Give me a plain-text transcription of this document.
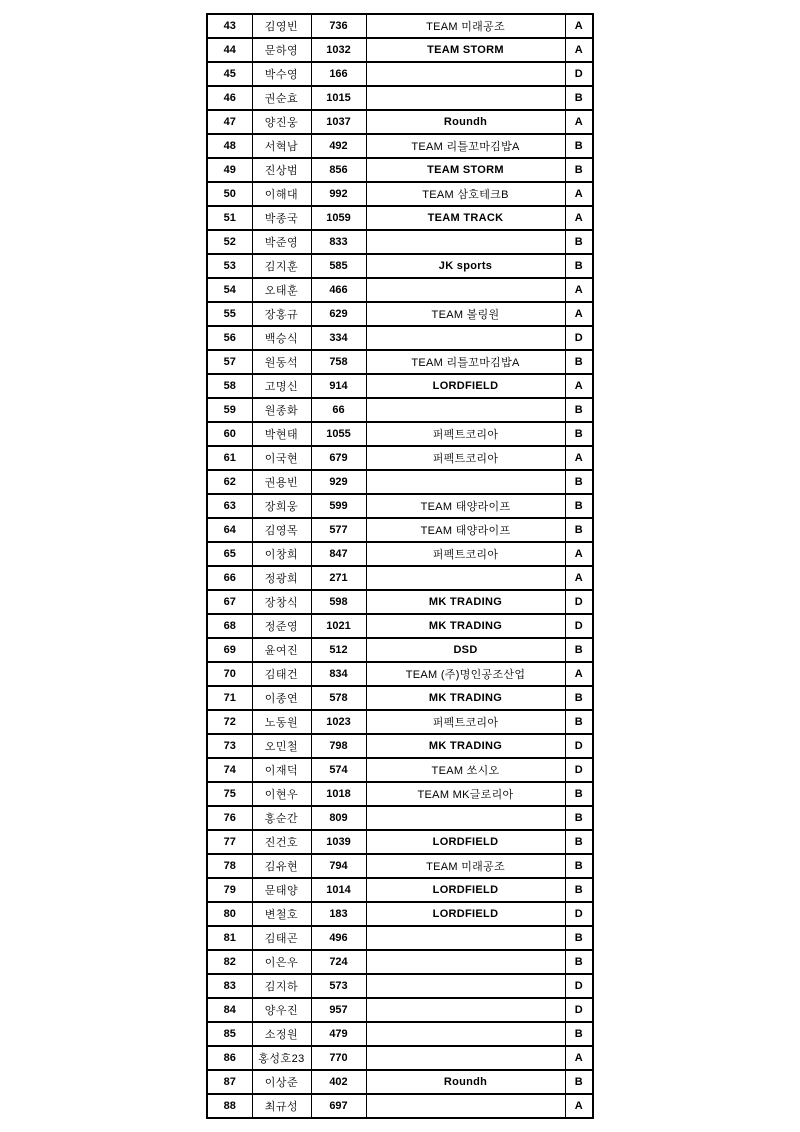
43	김영빈	736	TEAM 미래공조	A
44	문하영	1032	TEAM STORM	A
45	박수영	166		D
46	권순효	1015		B
47	양진웅	1037	Roundh	A
48	서혁남	492	TEAM 리틀꼬마김밥A	B
49	진상범	856	TEAM STORM	B
50	이해대	992	TEAM 삼호테크B	A
51	박종국	1059	TEAM TRACK	A
52	박준영	833		B
53	김지훈	585	JK sports	B
54	오태훈	466		A
55	장홍규	629	TEAM 볼링원	A
56	백승식	334		D
57	원동석	758	TEAM 리틀꼬마김밥A	B
58	고명신	914	LORDFIELD	A
59	원종화	66		B
60	박현태	1055	퍼펙트코리아	B
61	이국현	679	퍼펙트코리아	A
62	권용빈	929		B
63	장희웅	599	TEAM 태양라이프	B
64	김영목	577	TEAM 태양라이프	B
65	이창희	847	퍼펙트코리아	A
66	정광희	271		A
67	장창식	598	MK TRADING	D
68	정준영	1021	MK TRADING	D
69	윤여진	512	DSD	B
70	김태건	834	TEAM (주)명인공조산업	A
71	이종연	578	MK TRADING	B
72	노동원	1023	퍼펙트코리아	B
73	오민철	798	MK TRADING	D
74	이재덕	574	TEAM 쏘시오	D
75	이현우	1018	TEAM MK글로리아	B
76	홍순간	809		B
77	진건호	1039	LORDFIELD	B
78	김유현	794	TEAM 미래공조	B
79	문태양	1014	LORDFIELD	B
80	변철호	183	LORDFIELD	D
81	김태곤	496		B
82	이은우	724		B
83	김지하	573		D
84	양우진	957		D
85	소정원	479		B
86	홍성호23	770		A
87	이상준	402	Roundh	B
88	최규성	697		A
